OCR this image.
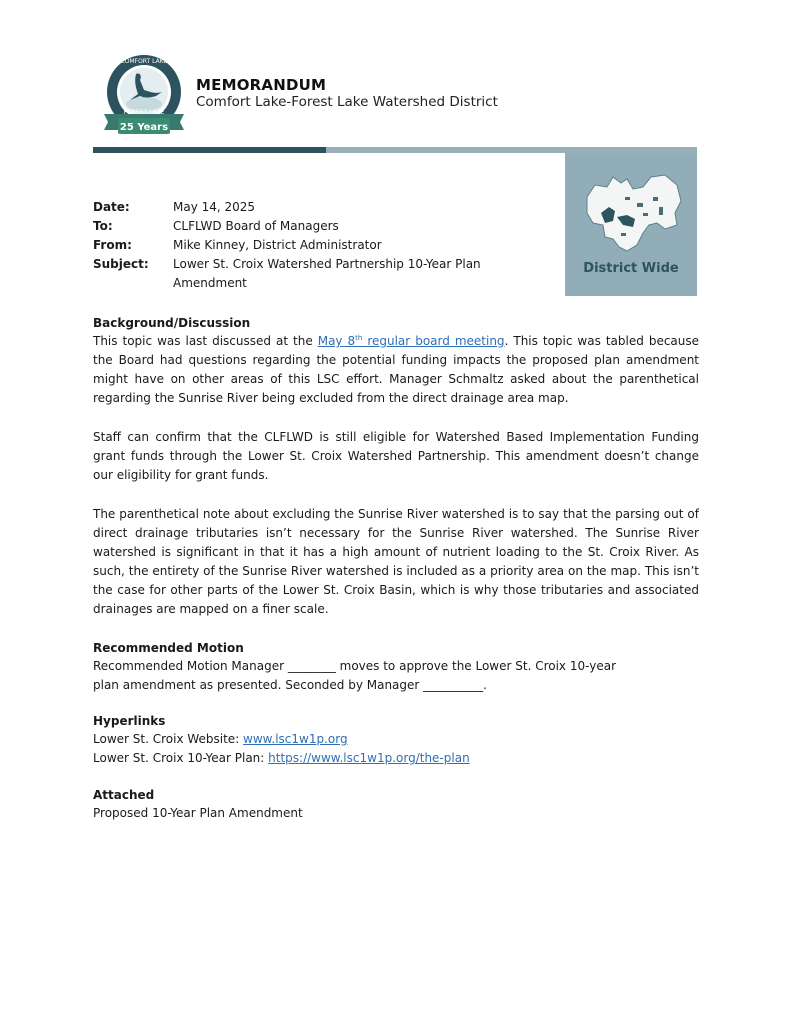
25 Years
COMFORT LAKE
FOREST LAKE
MEMORANDUM
Comfort Lake-Forest Lake Watershed District
District Wide
Date:	May 14, 2025
To:	CLFLWD Board of Managers
From:	Mike Kinney, District Administrator
Subject:	Lower St. Croix Watershed Partnership 10-Year Plan
Amendment
Background/Discussion
This topic was last discussed at the May 8th regular board meeting. This topic was tabled because the Board had questions regarding the potential funding impacts the proposed plan amendment might have on other areas of this LSC effort. Manager Schmaltz asked about the parenthetical regarding the Sunrise River being excluded from the direct drainage area map.
Staff can confirm that the CLFLWD is still eligible for Watershed Based Implementation Funding grant funds through the Lower St. Croix Watershed Partnership. This amendment doesn’t change our eligibility for grant funds.
The parenthetical note about excluding the Sunrise River watershed is to say that the parsing out of direct drainage tributaries isn’t necessary for the Sunrise River watershed. The Sunrise River watershed is significant in that it has a high amount of nutrient loading to the St. Croix River. As such, the entirety of the Sunrise River watershed is included as a priority area on the map. This isn’t the case for other parts of the Lower St. Croix Basin, which is why those tributaries and associated drainages are mapped on a finer scale.
Recommended Motion
Recommended Motion Manager ________ moves to approve the Lower St. Croix 10-year
plan amendment as presented. Seconded by Manager __________.
Hyperlinks
Lower St. Croix Website: www.lsc1w1p.org
Lower St. Croix 10-Year Plan: https://www.lsc1w1p.org/the-plan
Attached
Proposed 10-Year Plan Amendment
